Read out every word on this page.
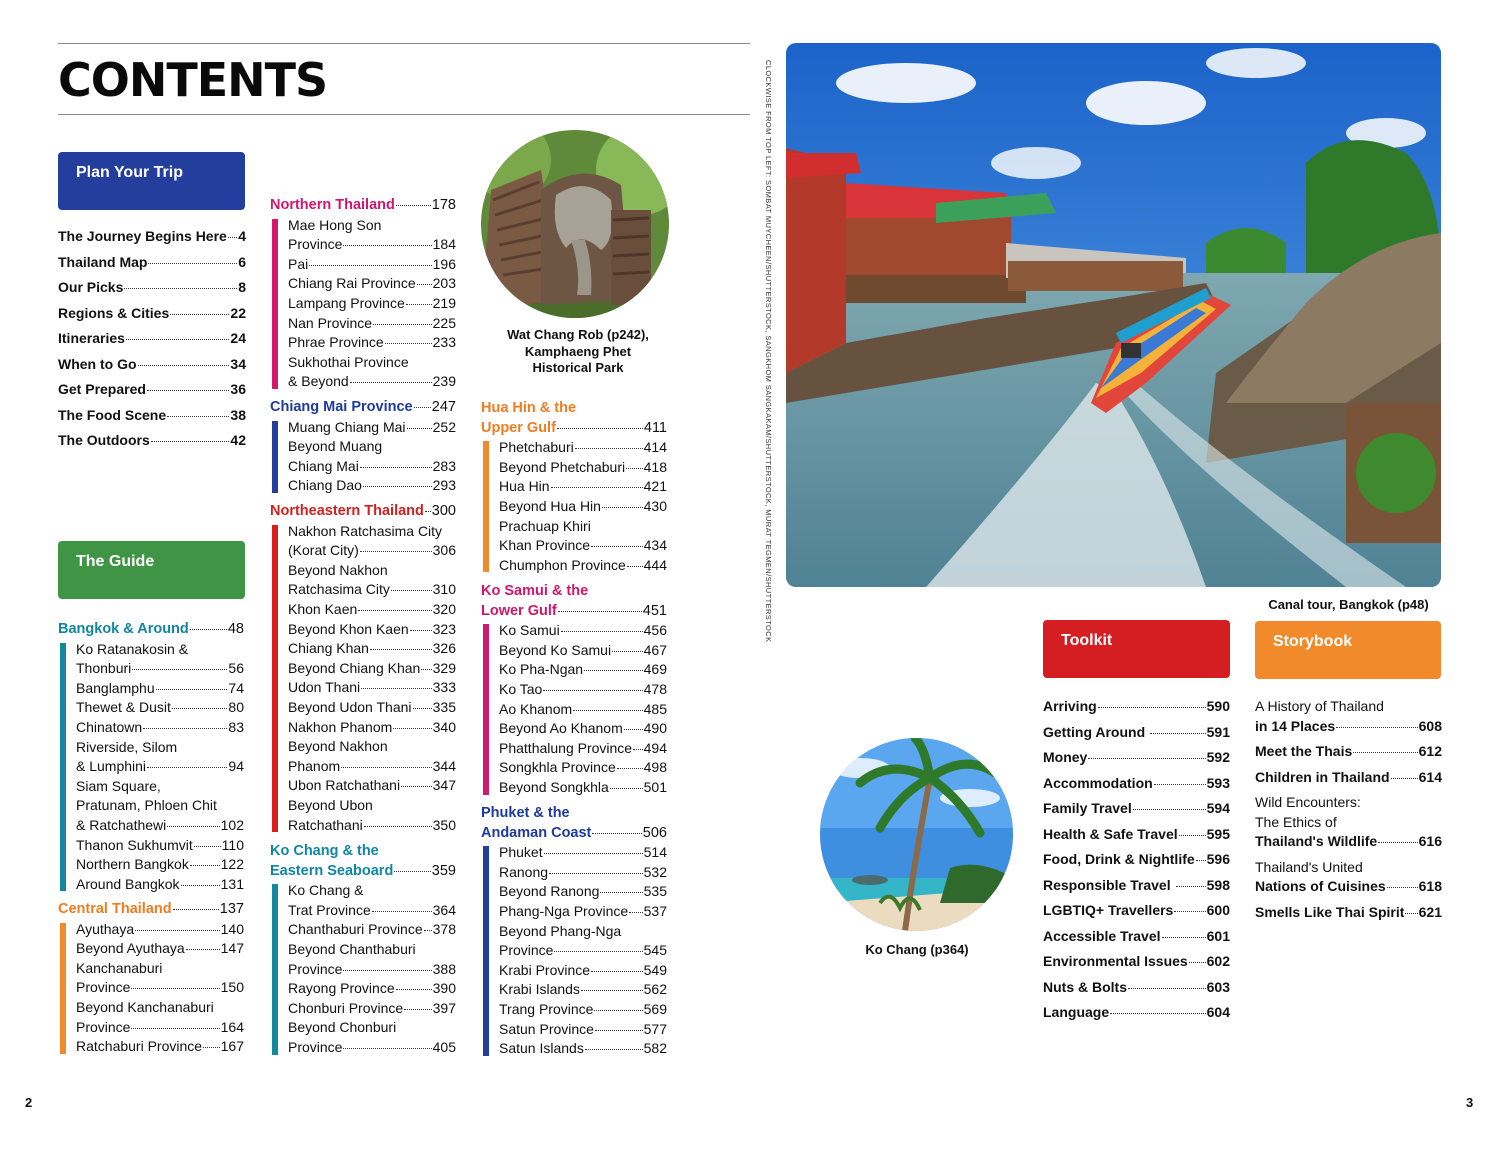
CONTENTS
Plan Your Trip
The Journey Begins Here 4
Thailand Map	6
Our Picks	8
Regions & Cities	22
Itineraries	24
When to Go	34
Get Prepared	36
The Food Scene	38
The Outdoors	42
The Guide
Bangkok & Around	48
Ko Ratanakosin &
Thonburi	56
Banglamphu	74
Thewet & Dusit	80
Chinatown	83
Riverside, Silom
& Lumphini	94
Siam Square,
Pratunam, Phloen Chit
& Ratchathewi	102
Thanon Sukhumvit 110
Northern Bangkok 122
Around Bangkok	131
Central Thailand	137
Ayuthaya	140
Beyond Ayuthaya	147
Kanchanaburi
Province	150
Beyond Kanchanaburi
Province	164
Ratchaburi Province 167
Northern Thailand	178
Mae Hong Son
Province	184
Pai	196
Chiang Rai Province 203
Lampang Province 219
Nan Province	225
Phrae Province	233
Sukhothai Province
& Beyond	239
Chiang Mai Province 247
Muang Chiang Mai 252
Beyond Muang
Chiang Mai	283
Chiang Dao	293
Northeastern Thailand 300
Nakhon Ratchasima City
(Korat City)	306
Beyond Nakhon
Ratchasima City	310
Khon Kaen	320
Beyond Khon Kaen 323
Chiang Khan	326
Beyond Chiang Khan 329
Udon Thani	333
Beyond Udon Thani 335
Nakhon Phanom	340
Beyond Nakhon
Phanom	344
Ubon Ratchathani 347
Beyond Ubon
Ratchathani	350
Ko Chang & the
Eastern Seaboard	359
Ko Chang &
Trat Province	364
Chanthaburi Province 378
Beyond Chanthaburi
Province	388
Rayong Province	390
Chonburi Province 397
Beyond Chonburi
Province	405
Hua Hin & the
Upper Gulf	411
Phetchaburi	414
Beyond Phetchaburi 418
Hua Hin	421
Beyond Hua Hin	430
Prachuap Khiri
Khan Province	434
Chumphon Province 444
Ko Samui & the
Lower Gulf	451
Ko Samui	456
Beyond Ko Samui 467
Ko Pha-Ngan	469
Ko Tao	478
Ao Khanom	485
Beyond Ao Khanom 490
Phatthalung Province 494
Songkhla Province 498
Beyond Songkhla 501
Phuket & the
Andaman Coast	506
Phuket	514
Ranong	532
Beyond Ranong	535
Phang-Nga Province 537
Beyond Phang-Nga
Province	545
Krabi Province	549
Krabi Islands	562
Trang Province	569
Satun Province	577
Satun Islands	582
Wat Chang Rob (p242),
Kamphaeng Phet
Historical Park	CLOCKWISE FROM TOP LEFT: SOMBAT MUYCHEEN/SHUTTERSTOCK, SANGKHOM SANGKAKAM/SHUTTERSTOCK, MURAT TEGMEN/SHUTTERSTOCK	Canal tour, Bangkok (p48)
Ko Chang (p364)
Toolkit
Arriving	590
Getting Around	591
Money	592
Accommodation	593
Family Travel	594
Health & Safe Travel 595
Food, Drink & Nightlife 596
Responsible Travel 598
LGBTIQ+ Travellers 600
Accessible Travel	601
Environmental Issues 602
Nuts & Bolts	603
Language	604
Storybook
A History of Thailand
in 14 Places	608
Meet the Thais	612
Children in Thailand 614
Wild Encounters:
The Ethics of
Thailand's Wildlife	616
Thailand's United
Nations of Cuisines 618
Smells Like Thai Spirit 621
2	3
